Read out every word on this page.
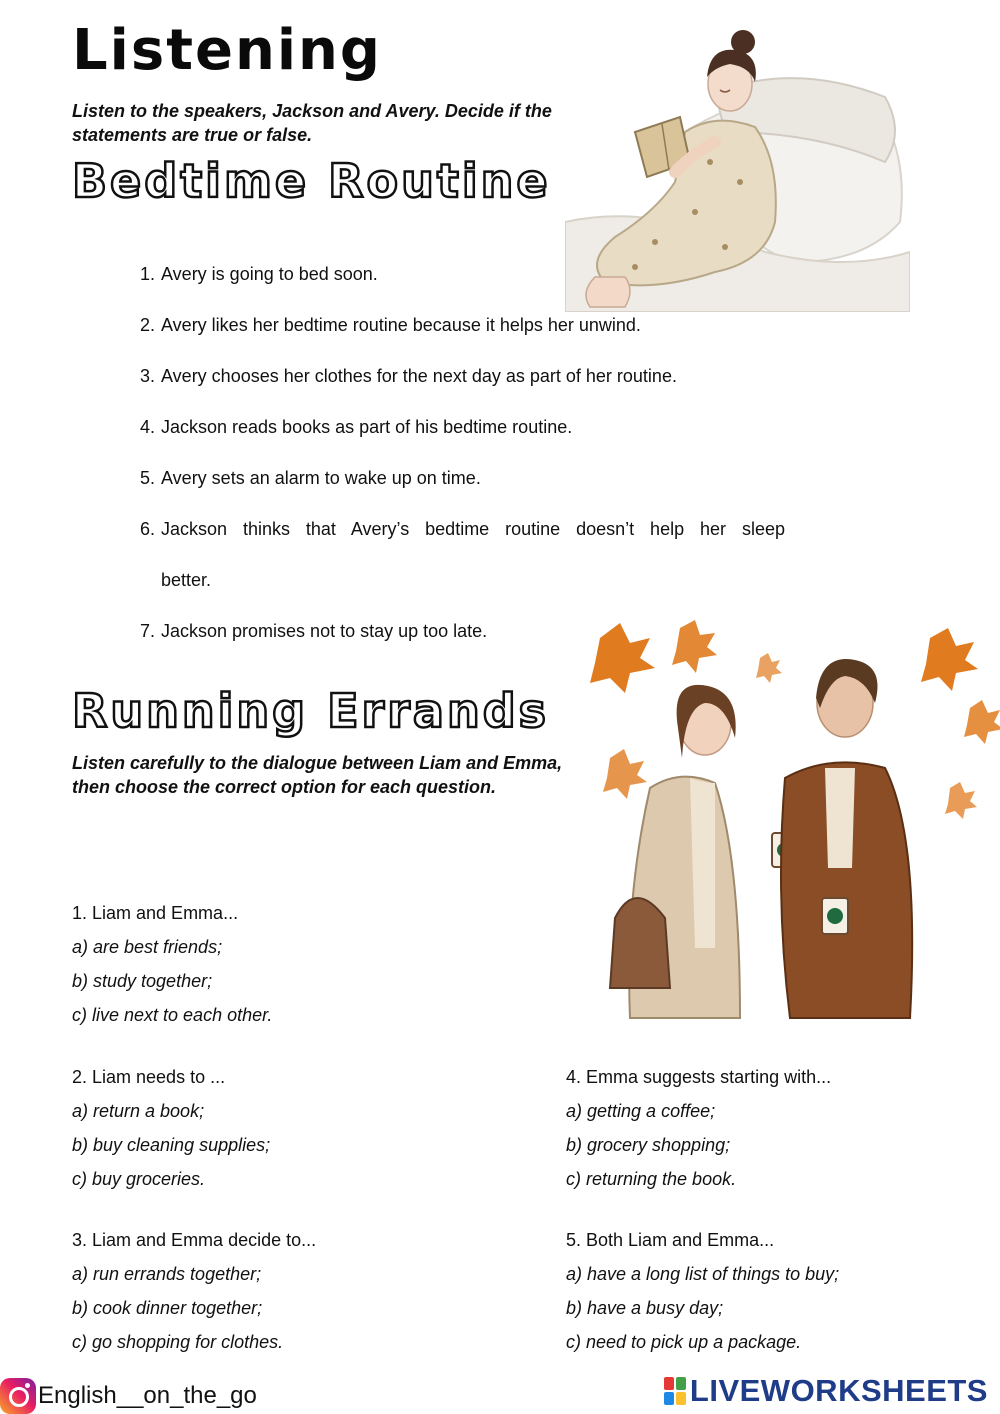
Listening
Listen to the speakers, Jackson and Avery. Decide if the statements are true or false.
Bedtime Routine
1. Avery is going to bed soon.
2. Avery likes her bedtime routine because it helps her unwind.
3. Avery chooses her clothes for the next day as part of her routine.
4. Jackson reads books as part of his bedtime routine.
5. Avery sets an alarm to wake up on time.
6. Jackson thinks that Avery’s bedtime routine doesn’t help her sleep
better.
7. Jackson promises not to stay up too late.
Running Errands
Listen carefully to the dialogue between Liam and Emma, then choose the correct option for each question.
1. Liam and Emma...
a) are best friends;
b) study together;
c) live next to each other.
2. Liam needs to ...
a) return a book;
b) buy cleaning supplies;
c) buy groceries.
3. Liam and Emma decide to...
a) run errands together;
b) cook dinner together;
c) go shopping for clothes.
4. Emma suggests starting with...
a) getting a coffee;
b) grocery shopping;
c) returning the book.
5. Both Liam and Emma...
a) have a long list of things to buy;
b) have a busy day;
c) need to pick up a package.
English__on_the_go	LIVEWORKSHEETS
